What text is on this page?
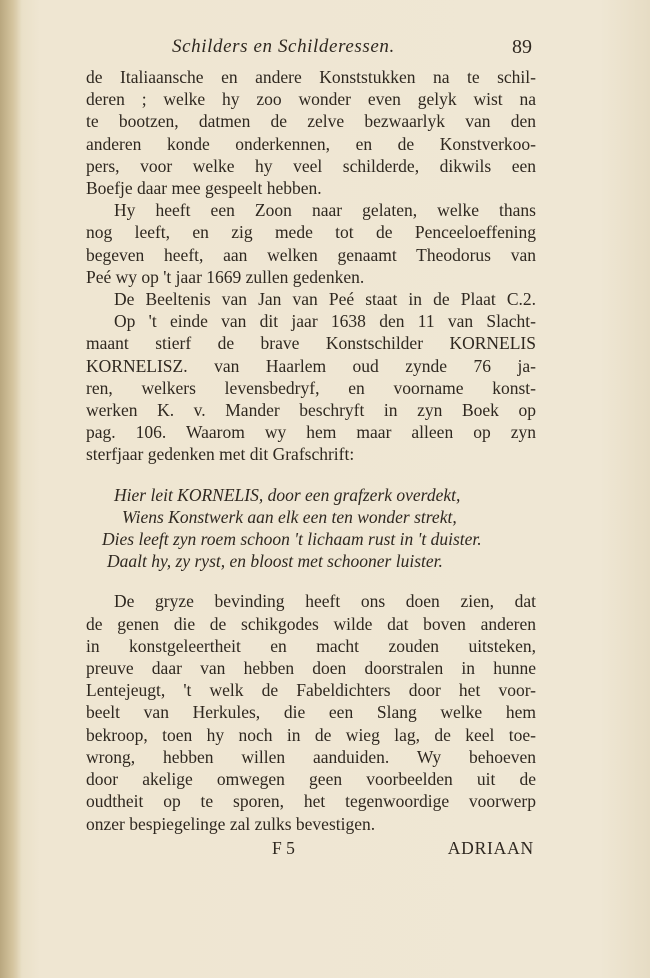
Schilders en Schilderessen.	89
de Italiaansche en andere Konststukken na te schil-
deren ; welke hy zoo wonder even gelyk wist na
te bootzen, datmen de zelve bezwaarlyk van den
anderen konde onderkennen, en de Konstverkoo-
pers, voor welke hy veel schilderde, dikwils een
Boefje daar mee gespeelt hebben.
Hy heeft een Zoon naar gelaten, welke thans
nog leeft, en zig mede tot de Penceeloeffening
begeven heeft, aan welken genaamt Theodorus van
Peé wy op 't jaar 1669 zullen gedenken.
De Beeltenis van Jan van Peé staat in de Plaat C.2.
Op 't einde van dit jaar 1638 den 11 van Slacht-
maant stierf de brave Konstschilder KORNELIS
KORNELISZ. van Haarlem oud zynde 76 ja-
ren, welkers levensbedryf, en voorname konst-
werken K. v. Mander beschryft in zyn Boek op
pag. 106. Waarom wy hem maar alleen op zyn
sterfjaar gedenken met dit Grafschrift:
Hier leit KORNELIS, door een grafzerk overdekt,
Wiens Konstwerk aan elk een ten wonder strekt,
Dies leeft zyn roem schoon 't lichaam rust in 't duister.
Daalt hy, zy ryst, en bloost met schooner luister.
De gryze bevinding heeft ons doen zien, dat
de genen die de schikgodes wilde dat boven anderen
in konstgeleertheit en macht zouden uitsteken,
preuve daar van hebben doen doorstralen in hunne
Lentejeugt, 't welk de Fabeldichters door het voor-
beelt van Herkules, die een Slang welke hem
bekroop, toen hy noch in de wieg lag, de keel toe-
wrong, hebben willen aanduiden. Wy behoeven
door akelige omwegen geen voorbeelden uit de
oudtheit op te sporen, het tegenwoordige voorwerp
onzer bespiegelinge zal zulks bevestigen.
F 5	ADRIAAN
